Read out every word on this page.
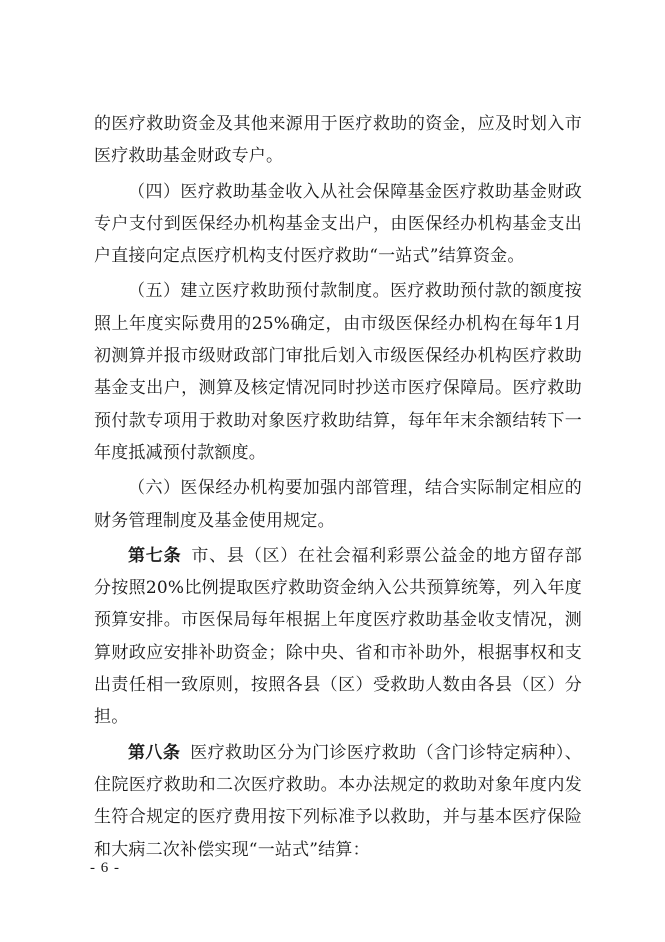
的医疗救助资金及其他来源用于医疗救助的资金，应及时划入市医疗救助基金财政专户。

（四）医疗救助基金收入从社会保障基金医疗救助基金财政专户支付到医保经办机构基金支出户，由医保经办机构基金支出户直接向定点医疗机构支付医疗救助“一站式”结算资金。

（五）建立医疗救助预付款制度。医疗救助预付款的额度按照上年度实际费用的25%确定，由市级医保经办机构在每年1月初测算并报市级财政部门审批后划入市级医保经办机构医疗救助基金支出户，测算及核定情况同时抄送市医疗保障局。医疗救助预付款专项用于救助对象医疗救助结算，每年年末余额结转下一年度抵减预付款额度。

（六）医保经办机构要加强内部管理，结合实际制定相应的财务管理制度及基金使用规定。

第七条 市、县（区）在社会福利彩票公益金的地方留存部分按照20%比例提取医疗救助资金纳入公共预算统筹，列入年度预算安排。市医保局每年根据上年度医疗救助基金收支情况，测算财政应安排补助资金；除中央、省和市补助外，根据事权和支出责任相一致原则，按照各县（区）受救助人数由各县（区）分担。

第八条 医疗救助区分为门诊医疗救助（含门诊特定病种）、住院医疗救助和二次医疗救助。本办法规定的救助对象年度内发生符合规定的医疗费用按下列标准予以救助，并与基本医疗保险和大病二次补偿实现“一站式”结算：

- 6 -
